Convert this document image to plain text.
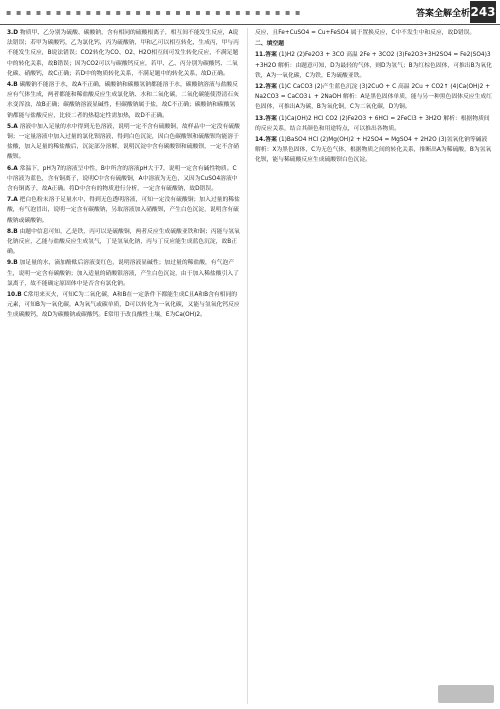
▪ ▪ ▪ ▪ ▪ ▪ ▪ ▪ ▪ ▪ ▪ ▪ ▪ ▪ ▪ ▪ ▪ ▪ ▪ ▪ ▪ ▪ ▪ ▪ ▪ ▪ ▪ ▪ ▪ ▪	答案全解全析 243

3.D 物质甲、乙分别为硫酸、碳酸钠，含有相同的硫酸根离子，相互间不能发生反应，A说法错误；若甲为碳酸钙，乙为氯化钙，丙为硫酸钠，甲和乙可以相互转化，生成丙，甲与丙不能发生反应，B说法错误；CO2转化为CO、O2、H2O相互间可发生转化反应，不满足题中的转化关系，故B错误；因为CO2可以与碳酸钙反应，若甲、乙、丙分别为碳酸钙、二氧化碳、硝酸钙，故C正确；若D中的物质转化关系，不满足题中的转化关系，故D正确。

4.B 碳酸钠不能溶于水，故A不正确，碳酸钠和碳酸氢钠都能溶于水，碳酸钠溶液与盐酸反应有气体生成，两者都能和稀盐酸反应生成氯化钠、水和二氧化碳，二氧化碳能使澄清石灰水变浑浊，故B正确；碳酸钠溶液显碱性，但碳酸钠属于盐，故C不正确；碳酸钠和碳酸氢钠都能与盐酸反应，比较二者的热稳定性需加热，故D不正确。

5.A 溶液中加入足量的水中得到无色溶液，说明一定不含有硫酸铜，故样品中一定没有硫酸铜；一定量溶液中加入过量的氯化钡溶液，得到白色沉淀，因白色碳酸钡和硫酸钡均能溶于盐酸，加入足量的稀盐酸后，沉淀部分溶解，说明沉淀中含有碳酸钡和硫酸钡，一定不含硝酸钡。

6.A 常温下，pH为7的溶液呈中性，B中所含的溶液pH大于7，说明一定含有碱性物质。C中溶液为蓝色，含有铜离子，说明C中含有硫酸铜，A中溶液为无色，又因为CuSO4溶液中含有铜离子，故A正确。将D中含有的物质进行分析，一定含有硫酸钠，故D错误。

7.A 把白色粉末溶于足量水中，得到无色透明溶液，可知一定没有硫酸铜；加入过量的稀盐酸，有气泡冒出，说明一定含有碳酸钠，另取溶液加入硝酸钡，产生白色沉淀，说明含有硫酸钠或碳酸钠。

8.B 由题中信息可知，乙是铁，丙可以是硫酸铜，两者反应生成硫酸亚铁和铜；丙能与氢氧化钠反应，乙能与盐酸反应生成氢气，丁是氢氧化钠，丙与丁反应能生成蓝色沉淀，故B正确。

9.B 加足量的水，滴加酚酞后溶液变红色，说明溶液显碱性；加过量的稀盐酸，有气泡产生，说明一定含有碳酸钠；加入适量的硝酸银溶液，产生白色沉淀，由于加入稀盐酸引入了氯离子，故不能确定原固体中是否含有氯化钠。

10.B C常用来灭火，可知C为二氧化碳，A和B在一定条件下都能生成C且A和B含有相同的元素，可知B为一氧化碳，A为氧气或碳单质，D可以转化为一氧化碳，又能与氢氧化钙反应生成碳酸钙，故D为碳酸钠或碳酸钙。E常用于改良酸性土壤，E为Ca(OH)2。

反应，且Fe+CuSO4 = Cu+FeSO4 属于置换反应，C中不发生中和反应，故D错误。

二、填空题

11.答案 (1)H2 (2)Fe2O3 + 3CO 高温 2Fe + 3CO2 (3)Fe2O3+3H2SO4 = Fe2(SO4)3+3H2O 解析：由题意可知，D为最轻的气体，则D为氢气；B为红棕色固体，可推出B为氧化铁，A为一氧化碳，C为铁，E为硫酸亚铁。

12.答案 (1)C CaCO3 (2)产生蓝色沉淀 (3)2CuO + C 高温 2Cu + CO2↑ (4)Ca(OH)2 + Na2CO3 = CaCO3↓ + 2NaOH 解析：A是黑色固体单质，能与另一种黑色固体反应生成红色固体，可推出A为碳，B为氧化铜，C为二氧化碳，D为铜。

13.答案 (1)Ca(OH)2 HCl CO2 (2)Fe2O3 + 6HCl = 2FeCl3 + 3H2O 解析：根据物质间的反应关系，结合其颜色和用途特点，可以推出各物质。

14.答案 (1)BaSO4 HCl (2)Mg(OH)2 + H2SO4 = MgSO4 + 2H2O (3)氢氧化钠等碱液 解析：X为黑色固体，C为无色气体，根据物质之间的转化关系，推断出A为稀硫酸，B为氢氧化钡，能与稀硫酸反应生成硫酸钡白色沉淀。
